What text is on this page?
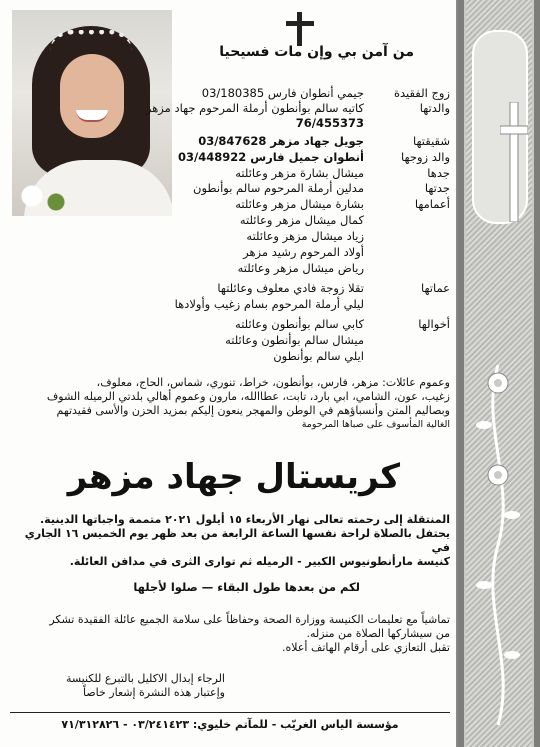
من آمن بي وإن مات فسيحيا
زوج الفقيدة
جيمي أنطوان فارس 03/180385
والدتها
كاتيه سالم بوأنطون أرملة المرحوم جهاد مزهر
76/455373
شقيقتها
جويل جهاد مزهر 03/847628
والد زوجها
أنطوان جميل فارس 03/448922
جدها
ميشال بشارة مزهر وعائلته
جدتها
مدلين أرملة المرحوم سالم بوأنطون
أعمامها
بشارة ميشال مزهر وعائلته
كمال ميشال مزهر وعائلته
زياد ميشال مزهر وعائلته
أولاد المرحوم رشيد مزهر
رياض ميشال مزهر وعائلته
عماتها
تقلا زوجة فادي معلوف وعائلتها
ليلي أرملة المرحوم بسام زغيب وأولادها
أخوالها
كابي سالم بوأنطون وعائلته
ميشال سالم بوأنطون وعائلته
ايلي سالم بوأنطون
وعموم عائلات: مزهر، فارس، بوأنطون، خراط، تنوري، شماس، الحاج، معلوف،
زغيب، عون، الشامي، ابي بارد، تابت، عطاالله، مارون وعموم أهالي بلدتي الرميله الشوف
وبصاليم المتن وأنسباؤهم في الوطن والمهجر ينعون إليكم بمزيد الحزن والأسى فقيدتهم
الغالية المأسوف على صباها المرحومة
كريستال جهاد مزهر
المنتقلة إلى رحمته تعالى نهار الأربعاء ١٥ أيلول ٢٠٢١ متممة واجباتها الدينية.
يحتفل بالصلاة لراحة نفسها الساعة الرابعة من بعد ظهر يوم الخميس ١٦ الجاري في
كنيسة مارأنطونيوس الكبير - الرميله ثم توارى الثرى في مدافن العائلة.
لكم من بعدها طول البقاء — صلوا لأجلها
تماشياً مع تعليمات الكنيسة ووزارة الصحة وحفاظاً على سلامة الجميع عائلة الفقيدة تشكر
من سيشاركها الصلاة من منزله.
تقبل التعازي على أرقام الهاتف أعلاه.
الرجاء إبدال الاكليل بالتبرع للكنيسة
وإعتبار هذه النشرة إشعار خاصاً
مؤسسة الياس الغريّب - للمآتم خليوي: ٠٣/٢٤١٤٢٣ - ٧١/٣١٢٨٢٦
